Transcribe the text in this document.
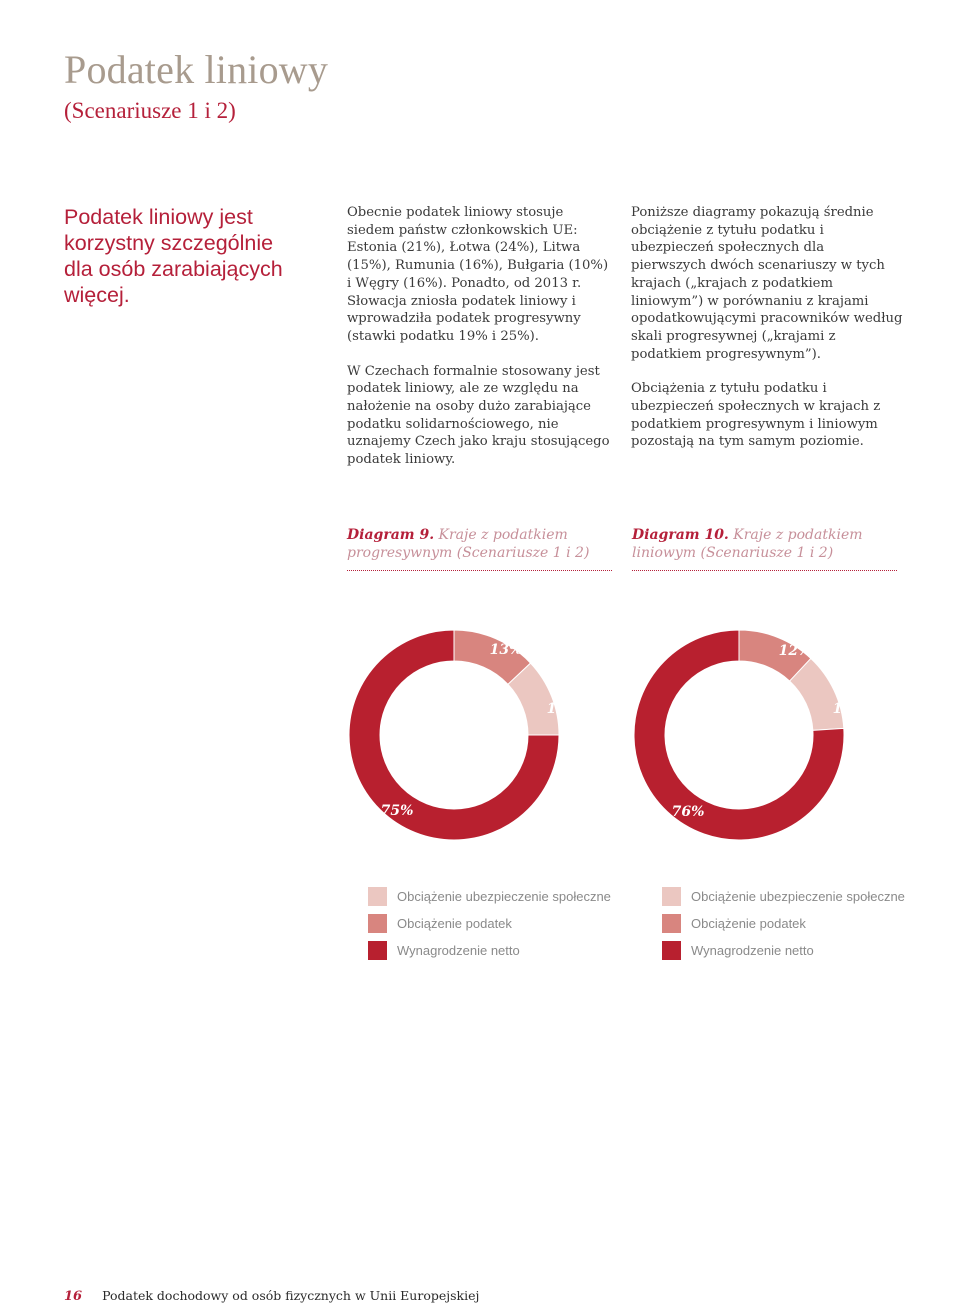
Podatek liniowy
(Scenariusze 1 i 2)

Podatek liniowy jest korzystny szczególnie dla osób zarabiających więcej.

Obecnie podatek liniowy stosuje siedem państw członkowskich UE: Estonia (21%), Łotwa (24%), Litwa (15%), Rumunia (16%), Bułgaria (10%) i Węgry (16%). Ponadto, od 2013 r. Słowacja zniosła podatek liniowy i wprowadziła podatek progresywny (stawki podatku 19% i 25%).

W Czechach formalnie stosowany jest podatek liniowy, ale ze względu na nałożenie na osoby dużo zarabiające podatku solidarnościowego, nie uznajemy Czech jako kraju stosującego podatek liniowy.

Poniższe diagramy pokazują średnie obciążenie z tytułu podatku i ubezpieczeń społecznych dla pierwszych dwóch scenariuszy w tych krajach („krajach z podatkiem liniowym”) w porównaniu z krajami opodatkowującymi pracowników według skali progresywnej („krajami z podatkiem progresywnym”).

Obciążenia z tytułu podatku i ubezpieczeń społecznych w krajach z podatkiem progresywnym i liniowym pozostają na tym samym poziomie.

Diagram 9. Kraje z podatkiem progresywnym (Scenariusze 1 i 2)
Diagram 10. Kraje z podatkiem liniowym (Scenariusze 1 i 2)
13%
12%
75%
12%
12%
76%
Obciążenie ubezpieczenie społeczne
Obciążenie podatek
Wynagrodzenie netto
Obciążenie ubezpieczenie społeczne
Obciążenie podatek
Wynagrodzenie netto
16 Podatek dochodowy od osób fizycznych w Unii Europejskiej
